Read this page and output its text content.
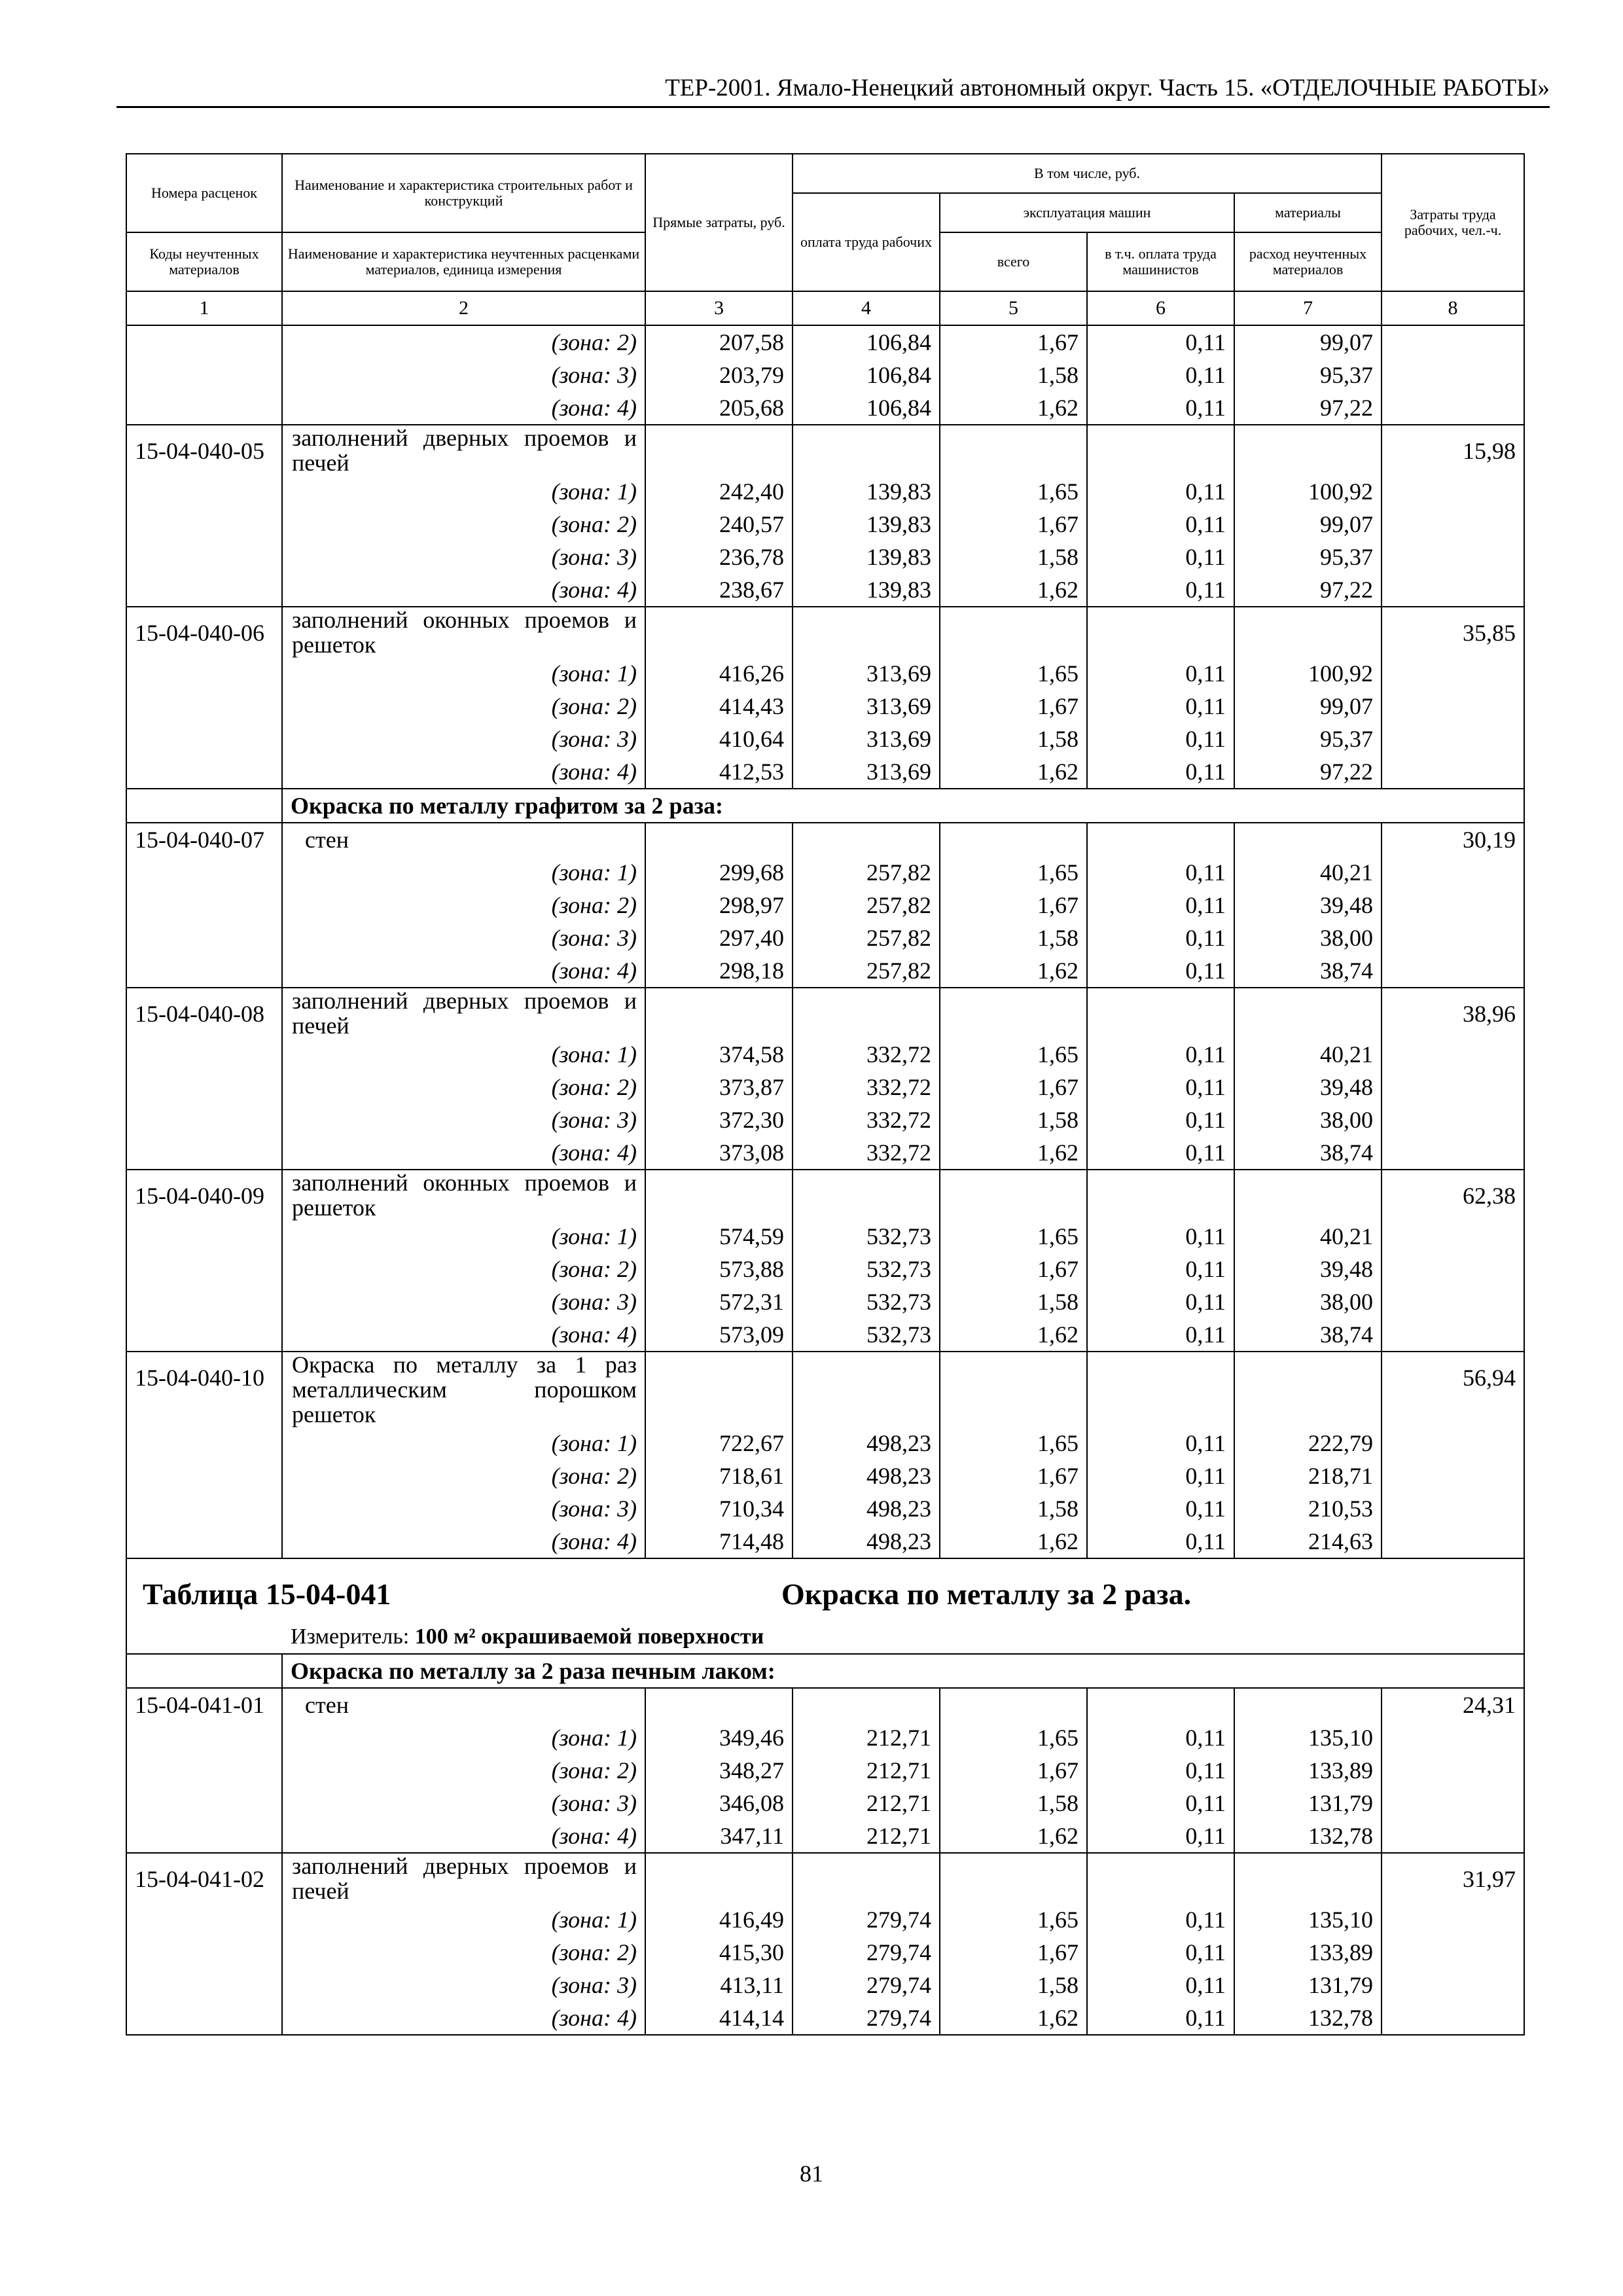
ТЕР-2001. Ямало-Ненецкий автономный округ. Часть 15. «ОТДЕЛОЧНЫЕ РАБОТЫ»
Номера расценок	Наименование и характеристика строительных работ и конструкций	Прямые затраты, руб.	В том числе, руб.				Затраты труда рабочих, чел.-ч.
			оплата труда рабочих	эксплуатация машин		материалы	

Коды неучтенных материалов	Наименование и характеристика неучтенных расценками материалов, единица измерения			всего	в т.ч. оплата труда машинистов	расход неучтенных материалов	

1	2	3	4	5	6	7	8
	(зона: 2)	207,58	106,84	1,67	0,11	99,07	
	(зона: 3)	203,79	106,84	1,58	0,11	95,37	
	(зона: 4)	205,68	106,84	1,62	0,11	97,22	
15-04-040-05	заполнений дверных проемов и печей						15,98
	(зона: 1)	242,40	139,83	1,65	0,11	100,92	
	(зона: 2)	240,57	139,83	1,67	0,11	99,07	
	(зона: 3)	236,78	139,83	1,58	0,11	95,37	
	(зона: 4)	238,67	139,83	1,62	0,11	97,22	
15-04-040-06	заполнений оконных проемов и решеток						35,85
	(зона: 1)	416,26	313,69	1,65	0,11	100,92	
	(зона: 2)	414,43	313,69	1,67	0,11	99,07	
	(зона: 3)	410,64	313,69	1,58	0,11	95,37	
	(зона: 4)	412,53	313,69	1,62	0,11	97,22	
	Окраска по металлу графитом за 2 раза:						
15-04-040-07	стен						30,19
	(зона: 1)	299,68	257,82	1,65	0,11	40,21	
	(зона: 2)	298,97	257,82	1,67	0,11	39,48	
	(зона: 3)	297,40	257,82	1,58	0,11	38,00	
	(зона: 4)	298,18	257,82	1,62	0,11	38,74	
15-04-040-08	заполнений дверных проемов и печей						38,96
	(зона: 1)	374,58	332,72	1,65	0,11	40,21	
	(зона: 2)	373,87	332,72	1,67	0,11	39,48	
	(зона: 3)	372,30	332,72	1,58	0,11	38,00	
	(зона: 4)	373,08	332,72	1,62	0,11	38,74	
15-04-040-09	заполнений оконных проемов и решеток						62,38
	(зона: 1)	574,59	532,73	1,65	0,11	40,21	
	(зона: 2)	573,88	532,73	1,67	0,11	39,48	
	(зона: 3)	572,31	532,73	1,58	0,11	38,00	
	(зона: 4)	573,09	532,73	1,62	0,11	38,74	
15-04-040-10	Окраска по металлу за 1 раз металлическим порошком решеток						56,94
	(зона: 1)	722,67	498,23	1,65	0,11	222,79	
	(зона: 2)	718,61	498,23	1,67	0,11	218,71	
	(зона: 3)	710,34	498,23	1,58	0,11	210,53	
	(зона: 4)	714,48	498,23	1,62	0,11	214,63	
Таблица 15-04-041 Окраска по металлу за 2 раза.							

Измеритель: 100 м² окрашиваемой поверхности							
	Окраска по металлу за 2 раза печным лаком:						
15-04-041-01	стен						24,31
	(зона: 1)	349,46	212,71	1,65	0,11	135,10	
	(зона: 2)	348,27	212,71	1,67	0,11	133,89	
	(зона: 3)	346,08	212,71	1,58	0,11	131,79	
	(зона: 4)	347,11	212,71	1,62	0,11	132,78	
15-04-041-02	заполнений дверных проемов и печей						31,97
	(зона: 1)	416,49	279,74	1,65	0,11	135,10	
	(зона: 2)	415,30	279,74	1,67	0,11	133,89	
	(зона: 3)	413,11	279,74	1,58	0,11	131,79	
	(зона: 4)	414,14	279,74	1,62	0,11	132,78	
81
